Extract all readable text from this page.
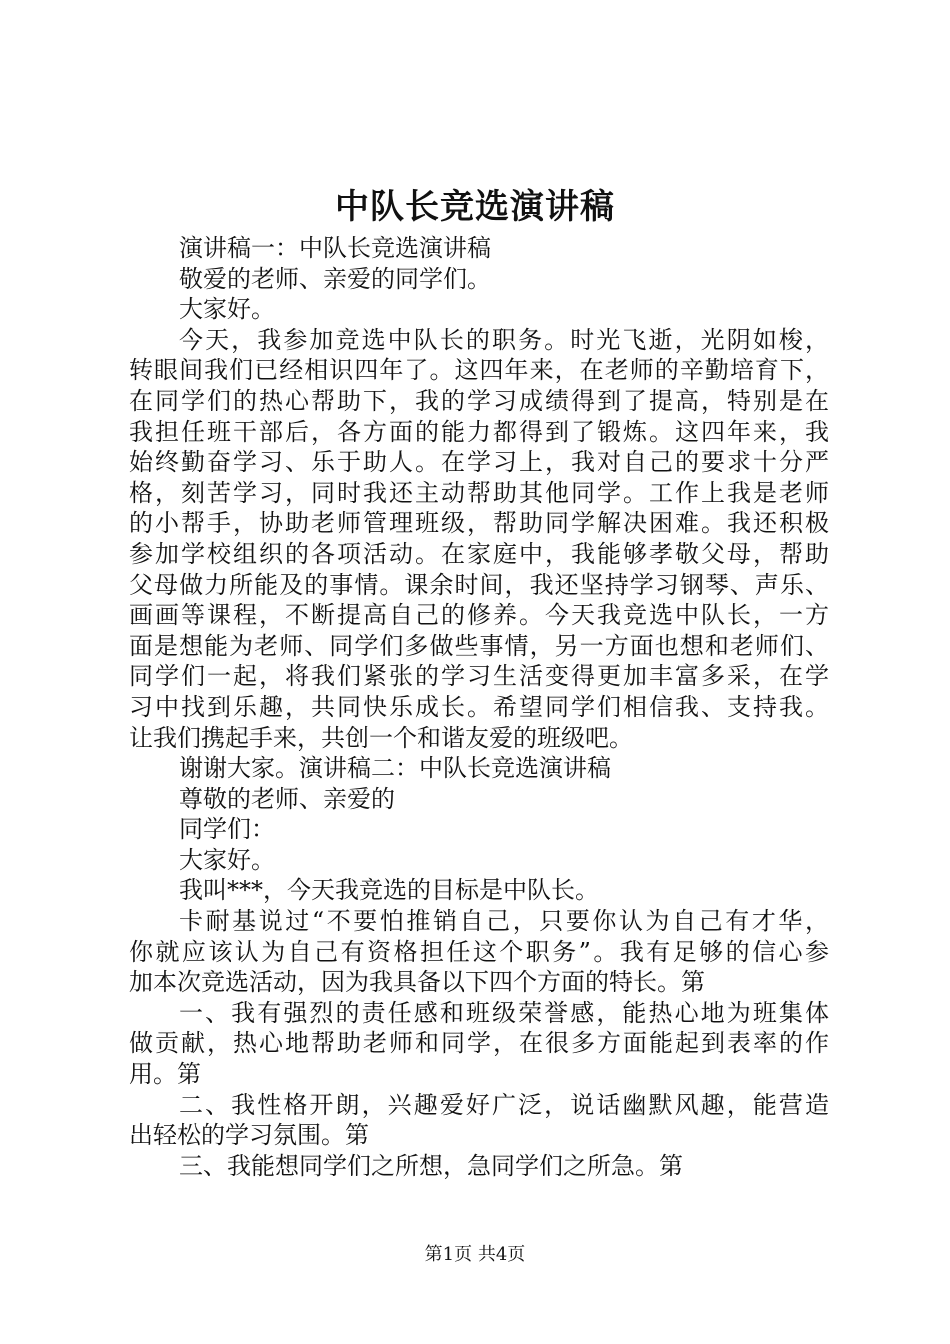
中队长竞选演讲稿
演讲稿一：中队长竞选演讲稿
敬爱的老师、亲爱的同学们。
大家好。
今天，我参加竞选中队长的职务。时光飞逝，光阴如梭，
转眼间我们已经相识四年了。这四年来，在老师的辛勤培育下，
在同学们的热心帮助下，我的学习成绩得到了提高，特别是在
我担任班干部后，各方面的能力都得到了锻炼。这四年来，我
始终勤奋学习、乐于助人。在学习上，我对自己的要求十分严
格，刻苦学习，同时我还主动帮助其他同学。工作上我是老师
的小帮手，协助老师管理班级，帮助同学解决困难。我还积极
参加学校组织的各项活动。在家庭中，我能够孝敬父母，帮助
父母做力所能及的事情。课余时间，我还坚持学习钢琴、声乐、
画画等课程，不断提高自己的修养。今天我竞选中队长，一方
面是想能为老师、同学们多做些事情，另一方面也想和老师们、
同学们一起，将我们紧张的学习生活变得更加丰富多采，在学
习中找到乐趣，共同快乐成长。希望同学们相信我、支持我。
让我们携起手来，共创一个和谐友爱的班级吧。
谢谢大家。演讲稿二：中队长竞选演讲稿
尊敬的老师、亲爱的
同学们：
大家好。
我叫***，今天我竞选的目标是中队长。
卡耐基说过“不要怕推销自己，只要你认为自己有才华，
你就应该认为自己有资格担任这个职务”。我有足够的信心参
加本次竞选活动，因为我具备以下四个方面的特长。第
一、我有强烈的责任感和班级荣誉感，能热心地为班集体
做贡献，热心地帮助老师和同学，在很多方面能起到表率的作
用。第
二、我性格开朗，兴趣爱好广泛，说话幽默风趣，能营造
出轻松的学习氛围。第
三、我能想同学们之所想，急同学们之所急。第
第1页 共4页
